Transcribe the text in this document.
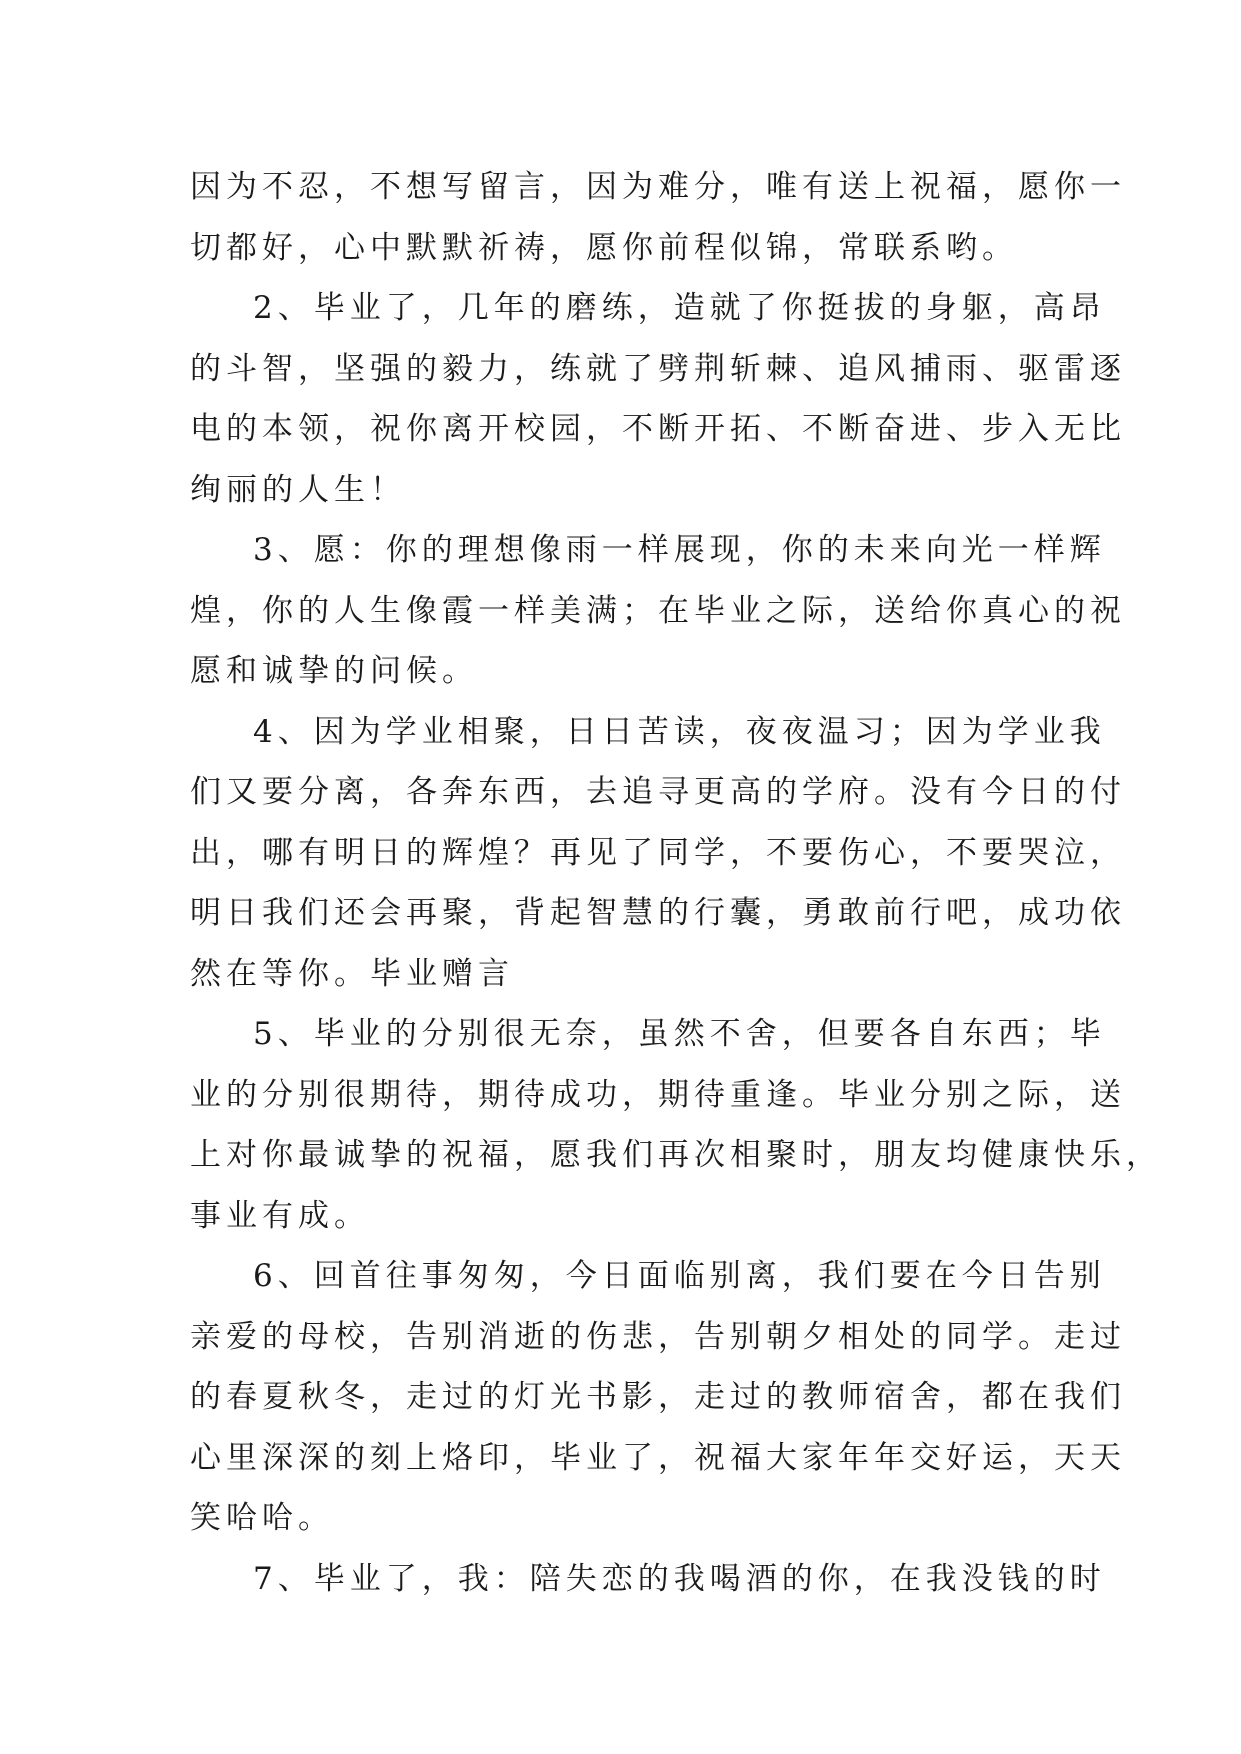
因为不忍，不想写留言，因为难分，唯有送上祝福，愿你一
切都好，心中默默祈祷，愿你前程似锦，常联系哟。
2、毕业了，几年的磨练，造就了你挺拔的身躯，高昂
的斗智，坚强的毅力，练就了劈荆斩棘、追风捕雨、驱雷逐
电的本领，祝你离开校园，不断开拓、不断奋进、步入无比
绚丽的人生！
3、愿：你的理想像雨一样展现，你的未来向光一样辉
煌，你的人生像霞一样美满；在毕业之际，送给你真心的祝
愿和诚挚的问候。
4、因为学业相聚，日日苦读，夜夜温习；因为学业我
们又要分离，各奔东西，去追寻更高的学府。没有今日的付
出，哪有明日的辉煌？再见了同学，不要伤心，不要哭泣，
明日我们还会再聚，背起智慧的行囊，勇敢前行吧，成功依
然在等你。毕业赠言
5、毕业的分别很无奈，虽然不舍，但要各自东西；毕
业的分别很期待，期待成功，期待重逢。毕业分别之际，送
上对你最诚挚的祝福，愿我们再次相聚时，朋友均健康快乐，
事业有成。
6、回首往事匆匆，今日面临别离，我们要在今日告别
亲爱的母校，告别消逝的伤悲，告别朝夕相处的同学。走过
的春夏秋冬，走过的灯光书影，走过的教师宿舍，都在我们
心里深深的刻上烙印，毕业了，祝福大家年年交好运，天天
笑哈哈。
7、毕业了，我：陪失恋的我喝酒的你，在我没钱的时
